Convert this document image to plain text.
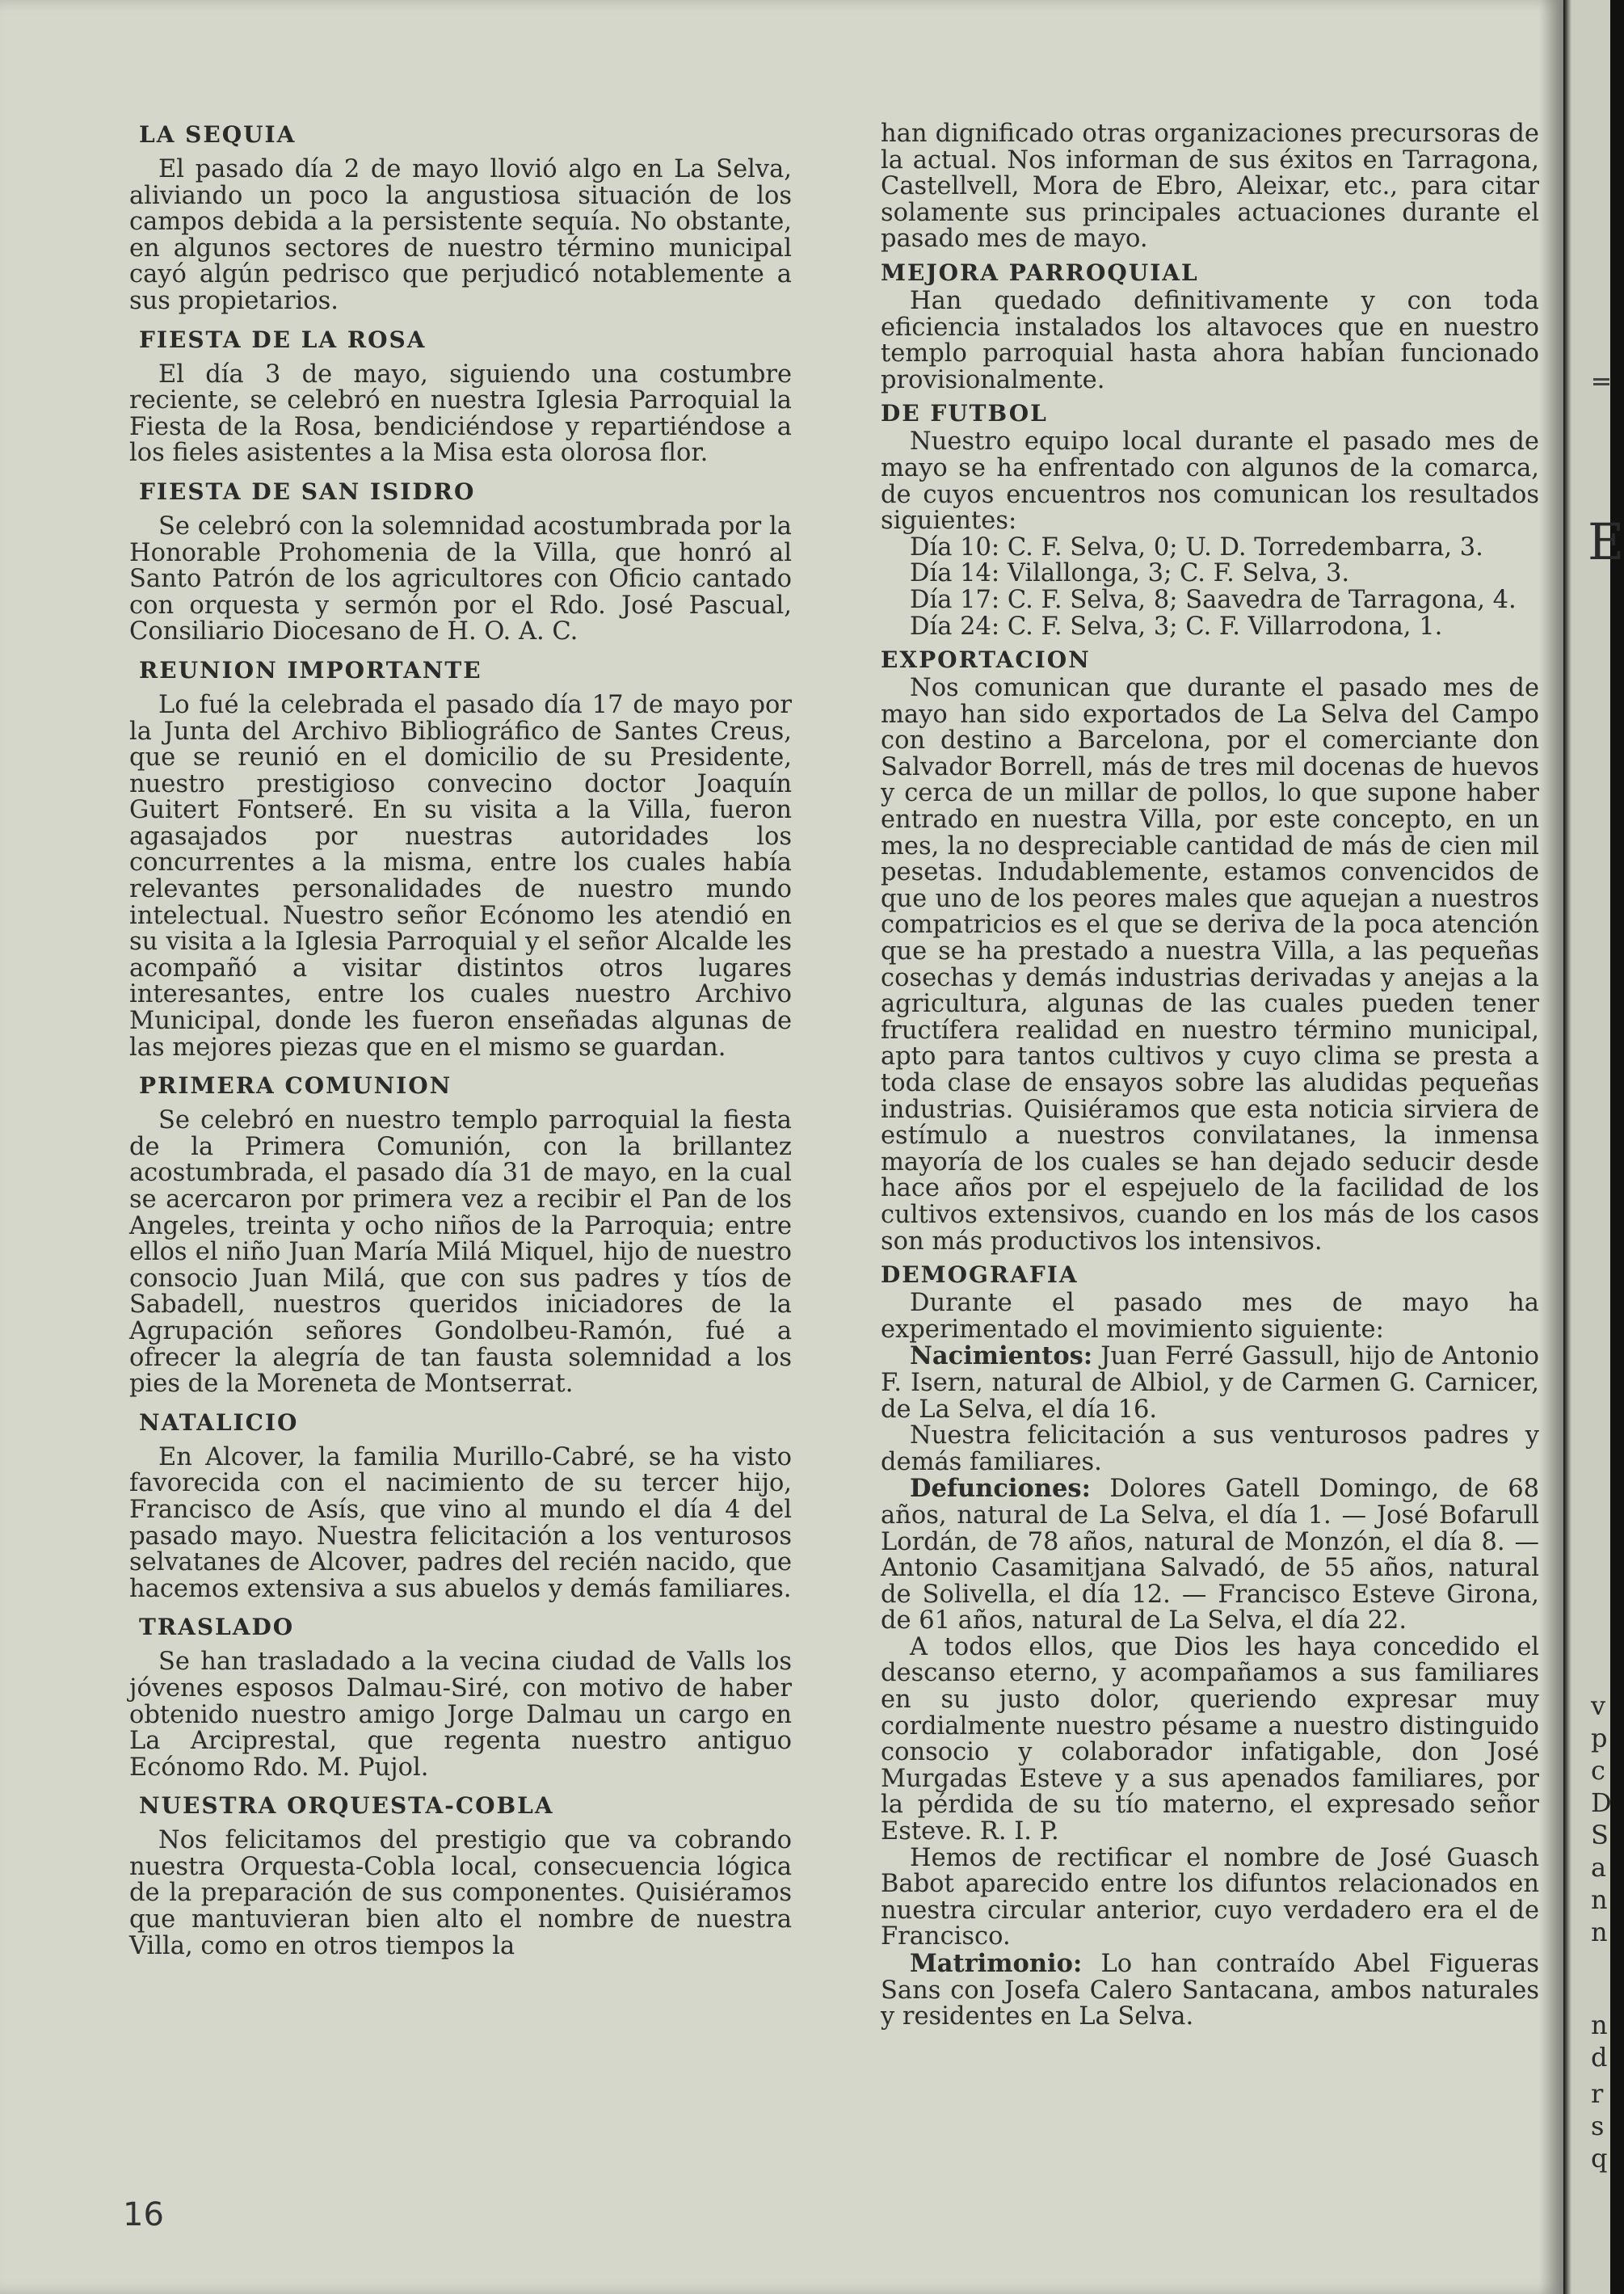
LA SEQUIA

El pasado día 2 de mayo llovió algo en La Selva, aliviando un poco la angustiosa situación de los campos debida a la persistente sequía. No obstante, en algunos sectores de nuestro término municipal cayó algún pedrisco que perjudicó notablemente a sus propietarios.

FIESTA DE LA ROSA

El día 3 de mayo, siguiendo una costumbre reciente, se celebró en nuestra Iglesia Parroquial la Fiesta de la Rosa, bendiciéndose y repartiéndose a los fieles asistentes a la Misa esta olorosa flor.

FIESTA DE SAN ISIDRO

Se celebró con la solemnidad acostumbrada por la Honorable Prohomenia de la Villa, que honró al Santo Patrón de los agricultores con Oficio cantado con orquesta y sermón por el Rdo. José Pascual, Consiliario Diocesano de H. O. A. C.

REUNION IMPORTANTE

Lo fué la celebrada el pasado día 17 de mayo por la Junta del Archivo Bibliográfico de Santes Creus, que se reunió en el domicilio de su Presidente, nuestro prestigioso convecino doctor Joaquín Guitert Fontseré. En su visita a la Villa, fueron agasajados por nuestras autoridades los concurrentes a la misma, entre los cuales había relevantes personalidades de nuestro mundo intelectual. Nuestro señor Ecónomo les atendió en su visita a la Iglesia Parroquial y el señor Alcalde les acompañó a visitar distintos otros lugares interesantes, entre los cuales nuestro Archivo Municipal, donde les fueron enseñadas algunas de las mejores piezas que en el mismo se guardan.

PRIMERA COMUNION

Se celebró en nuestro templo parroquial la fiesta de la Primera Comunión, con la brillantez acostumbrada, el pasado día 31 de mayo, en la cual se acercaron por primera vez a recibir el Pan de los Angeles, treinta y ocho niños de la Parroquia; entre ellos el niño Juan María Milá Miquel, hijo de nuestro consocio Juan Milá, que con sus padres y tíos de Sabadell, nuestros queridos iniciadores de la Agrupación señores Gondolbeu-Ramón, fué a ofrecer la alegría de tan fausta solemnidad a los pies de la Moreneta de Montserrat.

NATALICIO

En Alcover, la familia Murillo-Cabré, se ha visto favorecida con el nacimiento de su tercer hijo, Francisco de Asís, que vino al mundo el día 4 del pasado mayo. Nuestra felicitación a los venturosos selvatanes de Alcover, padres del recién nacido, que hacemos extensiva a sus abuelos y demás familiares.

TRASLADO

Se han trasladado a la vecina ciudad de Valls los jóvenes esposos Dalmau-Siré, con motivo de haber obtenido nuestro amigo Jorge Dalmau un cargo en La Arciprestal, que regenta nuestro antiguo Ecónomo Rdo. M. Pujol.

NUESTRA ORQUESTA-COBLA

Nos felicitamos del prestigio que va cobrando nuestra Orquesta-Cobla local, consecuencia lógica de la preparación de sus componentes. Quisiéramos que mantuvieran bien alto el nombre de nuestra Villa, como en otros tiempos la

han dignificado otras organizaciones precursoras de la actual. Nos informan de sus éxitos en Tarragona, Castellvell, Mora de Ebro, Aleixar, etc., para citar solamente sus principales actuaciones durante el pasado mes de mayo.

MEJORA PARROQUIAL

Han quedado definitivamente y con toda eficiencia instalados los altavoces que en nuestro templo parroquial hasta ahora habían funcionado provisionalmente.

DE FUTBOL

Nuestro equipo local durante el pasado mes de mayo se ha enfrentado con algunos de la comarca, de cuyos encuentros nos comunican los resultados siguientes:

Día 10: C. F. Selva, 0; U. D. Torredembarra, 3.

Día 14: Vilallonga, 3; C. F. Selva, 3.

Día 17: C. F. Selva, 8; Saavedra de Tarragona, 4.

Día 24: C. F. Selva, 3; C. F. Villarrodona, 1.

EXPORTACION

Nos comunican que durante el pasado mes de mayo han sido exportados de La Selva del Campo con destino a Barcelona, por el comerciante don Salvador Borrell, más de tres mil docenas de huevos y cerca de un millar de pollos, lo que supone haber entrado en nuestra Villa, por este concepto, en un mes, la no despreciable cantidad de más de cien mil pesetas. Indudablemente, estamos convencidos de que uno de los peores males que aquejan a nuestros compatricios es el que se deriva de la poca atención que se ha prestado a nuestra Villa, a las pequeñas cosechas y demás industrias derivadas y anejas a la agricultura, algunas de las cuales pueden tener fructífera realidad en nuestro término municipal, apto para tantos cultivos y cuyo clima se presta a toda clase de ensayos sobre las aludidas pequeñas industrias. Quisiéramos que esta noticia sirviera de estímulo a nuestros convilatanes, la inmensa mayoría de los cuales se han dejado seducir desde hace años por el espejuelo de la facilidad de los cultivos extensivos, cuando en los más de los casos son más productivos los intensivos.

DEMOGRAFIA

Durante el pasado mes de mayo ha experimentado el movimiento siguiente:

Nacimientos: Juan Ferré Gassull, hijo de Antonio F. Isern, natural de Albiol, y de Carmen G. Carnicer, de La Selva, el día 16.

Nuestra felicitación a sus venturosos padres y demás familiares.

Defunciones: Dolores Gatell Domingo, de 68 años, natural de La Selva, el día 1. — José Bofarull Lordán, de 78 años, natural de Monzón, el día 8. — Antonio Casamitjana Salvadó, de 55 años, natural de Solivella, el día 12. — Francisco Esteve Girona, de 61 años, natural de La Selva, el día 22.

A todos ellos, que Dios les haya concedido el descanso eterno, y acompañamos a sus familiares en su justo dolor, queriendo expresar muy cordialmente nuestro pésame a nuestro distinguido consocio y colaborador infatigable, don José Murgadas Esteve y a sus apenados familiares, por la pérdida de su tío materno, el expresado señor Esteve. R. I. P.

Hemos de rectificar el nombre de José Guasch Babot aparecido entre los difuntos relacionados en nuestra circular anterior, cuyo verdadero era el de Francisco.

Matrimonio: Lo han contraído Abel Figueras Sans con Josefa Calero Santacana, ambos naturales y residentes en La Selva.

16
E
v
p
c
D
S
a
n
n
n
d
r
s
q
